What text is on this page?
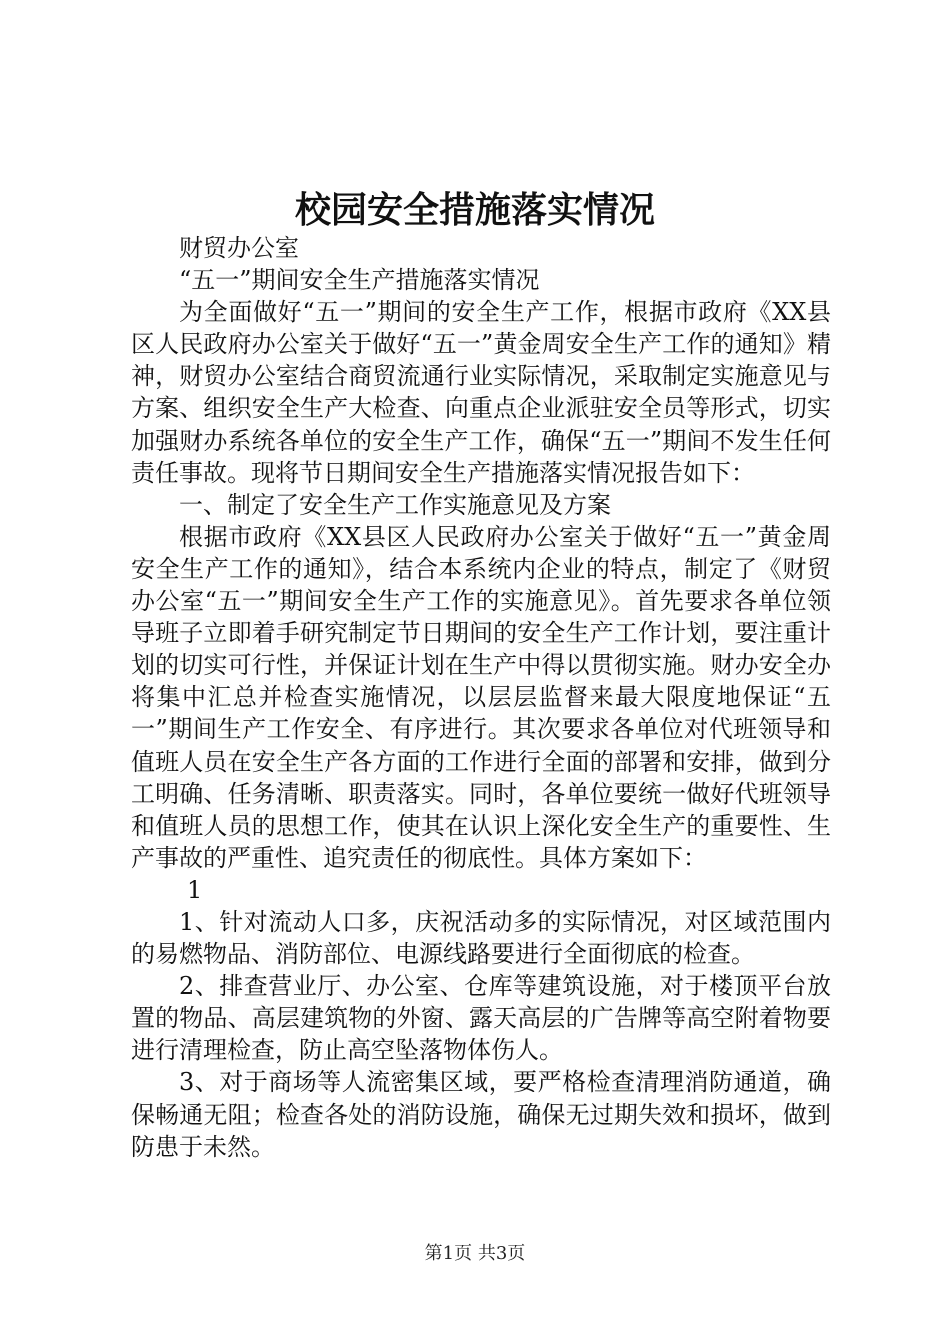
校园安全措施落实情况

财贸办公室

“五一”期间安全生产措施落实情况

为全面做好“五一”期间的安全生产工作，根据市政府《XX县区人民政府办公室关于做好“五一”黄金周安全生产工作的通知》精神，财贸办公室结合商贸流通行业实际情况，采取制定实施意见与方案、组织安全生产大检查、向重点企业派驻安全员等形式，切实加强财办系统各单位的安全生产工作，确保“五一”期间不发生任何责任事故。现将节日期间安全生产措施落实情况报告如下：

一、制定了安全生产工作实施意见及方案

根据市政府《XX县区人民政府办公室关于做好“五一”黄金周安全生产工作的通知》，结合本系统内企业的特点，制定了《财贸办公室“五一”期间安全生产工作的实施意见》。首先要求各单位领导班子立即着手研究制定节日期间的安全生产工作计划，要注重计划的切实可行性，并保证计划在生产中得以贯彻实施。财办安全办将集中汇总并检查实施情况，以层层监督来最大限度地保证“五一”期间生产工作安全、有序进行。其次要求各单位对代班领导和值班人员在安全生产各方面的工作进行全面的部署和安排，做到分工明确、任务清晰、职责落实。同时，各单位要统一做好代班领导和值班人员的思想工作，使其在认识上深化安全生产的重要性、生产事故的严重性、追究责任的彻底性。具体方案如下：

1

1、针对流动人口多，庆祝活动多的实际情况，对区域范围内的易燃物品、消防部位、电源线路要进行全面彻底的检查。

2、排查营业厅、办公室、仓库等建筑设施，对于楼顶平台放置的物品、高层建筑物的外窗、露天高层的广告牌等高空附着物要进行清理检查，防止高空坠落物体伤人。

3、对于商场等人流密集区域，要严格检查清理消防通道，确保畅通无阻；检查各处的消防设施，确保无过期失效和损坏，做到防患于未然。

第1页 共3页
